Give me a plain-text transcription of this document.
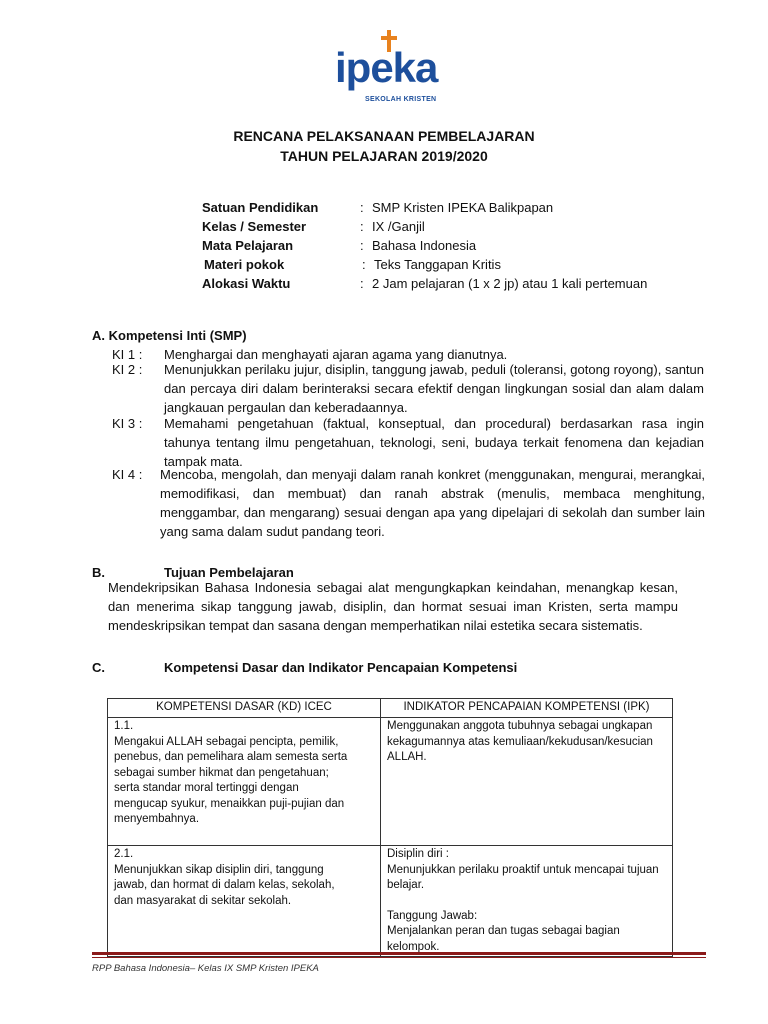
ipeka
SEKOLAH KRISTEN
RENCANA PELAKSANAAN PEMBELAJARAN
TAHUN PELAJARAN 2019/2020
Satuan Pendidikan	: SMP Kristen IPEKA Balikpapan
Kelas / Semester	: IX /Ganjil
Mata Pelajaran	: Bahasa Indonesia
Materi pokok	: Teks Tanggapan Kritis
Alokasi Waktu	: 2 Jam pelajaran (1 x 2 jp) atau 1 kali pertemuan
A. Kompetensi Inti (SMP)
KI 1 : Menghargai dan menghayati ajaran agama yang dianutnya.
KI 2 : Menunjukkan perilaku jujur, disiplin, tanggung jawab, peduli (toleransi, gotong royong), santun dan percaya diri dalam berinteraksi secara efektif dengan lingkungan sosial dan alam dalam jangkauan pergaulan dan keberadaannya.
KI 3 : Memahami pengetahuan (faktual, konseptual, dan procedural) berdasarkan rasa ingin tahunya tentang ilmu pengetahuan, teknologi, seni, budaya terkait fenomena dan kejadian tampak mata.
KI 4 : Mencoba, mengolah, dan menyaji dalam ranah konkret (menggunakan, mengurai, merangkai, memodifikasi, dan membuat) dan ranah abstrak (menulis, membaca menghitung, menggambar, dan mengarang) sesuai dengan apa yang dipelajari di sekolah dan sumber lain yang sama dalam sudut pandang teori.
B.	Tujuan Pembelajaran
Mendekripsikan Bahasa Indonesia sebagai alat mengungkapkan keindahan, menangkap kesan, dan menerima sikap tanggung jawab, disiplin, dan hormat sesuai iman Kristen, serta mampu mendeskripsikan tempat dan sasana dengan memperhatikan nilai estetika secara sistematis.
C.	Kompetensi Dasar dan Indikator Pencapaian Kompetensi
KOMPETENSI DASAR (KD) ICEC	INDIKATOR PENCAPAIAN KOMPETENSI (IPK)
1.1.Mengakui ALLAH sebagai pencipta, pemilik, penebus, dan pemelihara alam semesta serta sebagai sumber hikmat dan pengetahuan; serta standar moral tertinggi dengan mengucap syukur, menaikkan puji-pujian dan menyembahnya.	Menggunakan anggota tubuhnya sebagai ungkapan kekagumannya atas kemuliaan/kekudusan/kesucian ALLAH.

2.1.Menunjukkan sikap disiplin diri, tanggung jawab, dan hormat di dalam kelas, sekolah, dan masyarakat di sekitar sekolah.	Disiplin diri :
Menunjukkan perilaku proaktif untuk mencapai tujuan belajar.
Tanggung Jawab:
Menjalankan peran dan tugas sebagai bagian kelompok.
RPP Bahasa Indonesia– Kelas IX SMP Kristen IPEKA
